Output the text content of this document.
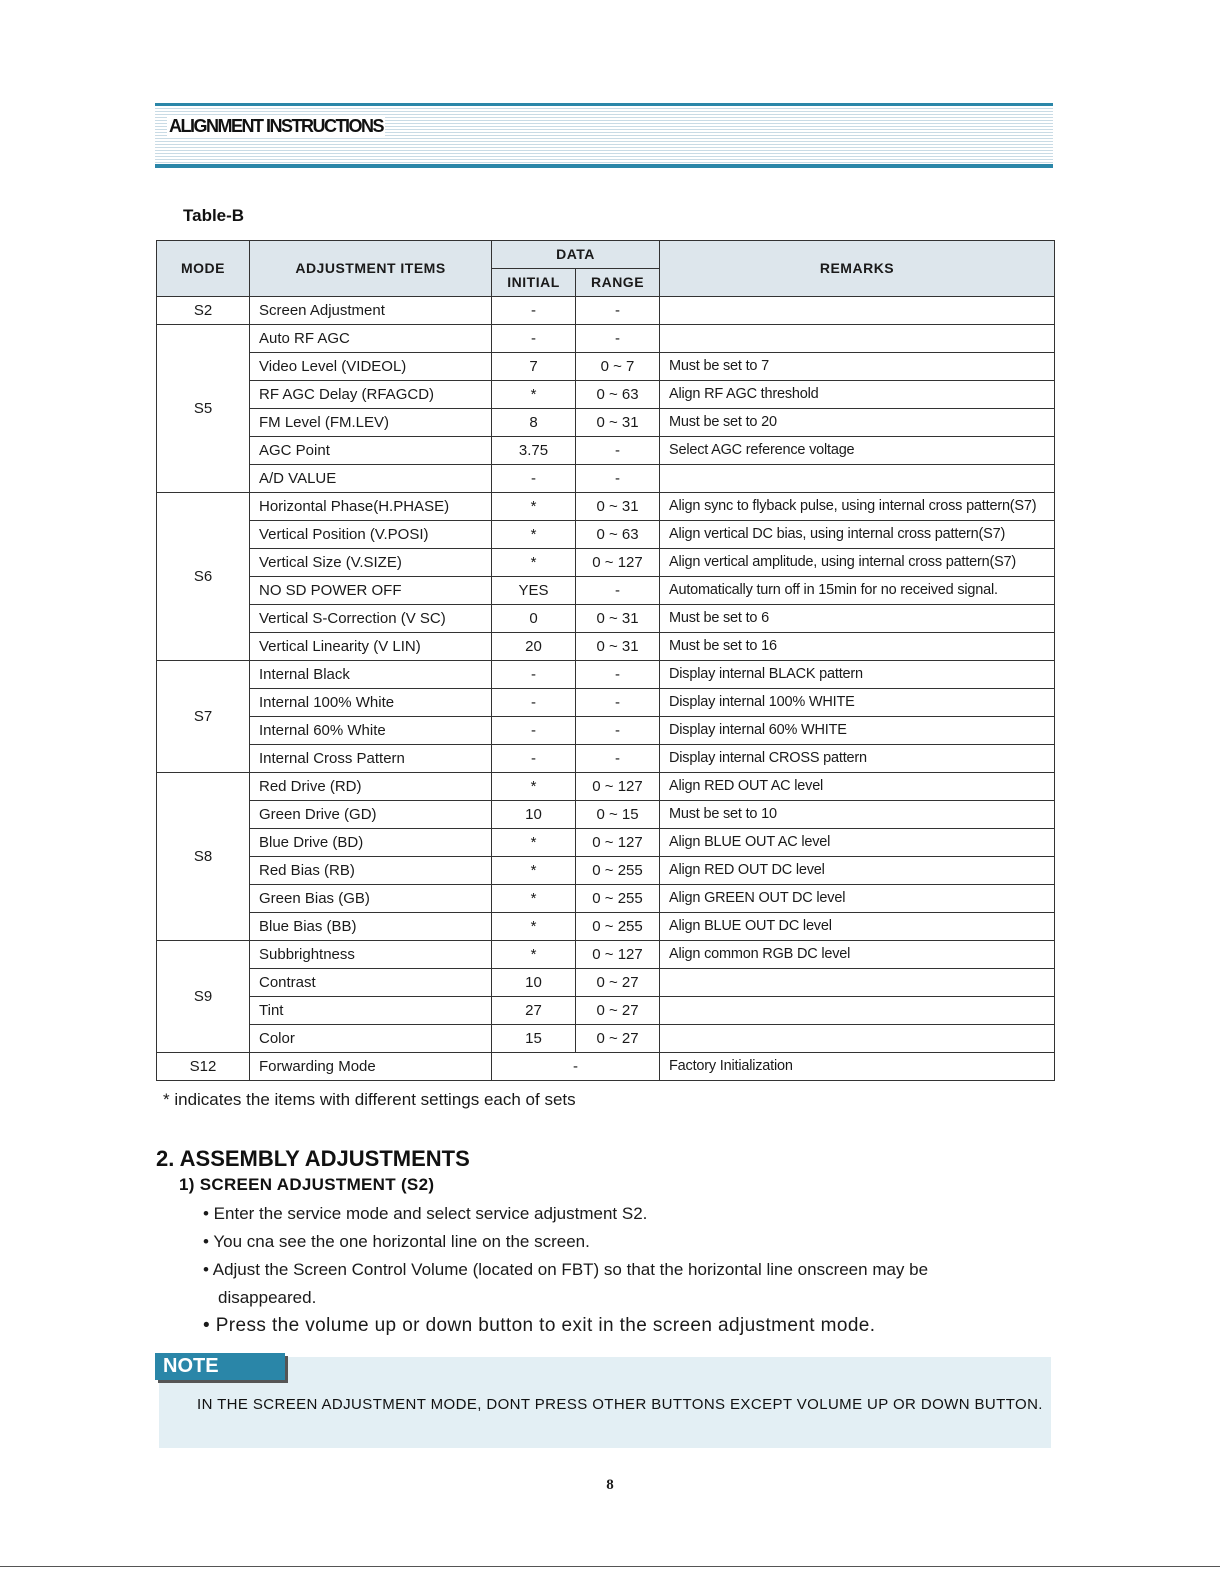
ALIGNMENT INSTRUCTIONS
Table-B
MODE	ADJUSTMENT ITEMS	DATA		REMARKS
		INITIAL	RANGE	
S2	Screen Adjustment	-	-	
S5	Auto RF AGC	-	-	
	Video Level (VIDEOL)	7	0 ~ 7	Must be set to 7
	RF AGC Delay (RFAGCD)	*	0 ~ 63	Align RF AGC threshold
	FM Level (FM.LEV)	8	0 ~ 31	Must be set to 20
	AGC Point	3.75	-	Select AGC reference voltage
	A/D VALUE	-	-	
S6	Horizontal Phase(H.PHASE)	*	0 ~ 31	Align sync to flyback pulse, using internal cross pattern(S7)
	Vertical Position (V.POSI)	*	0 ~ 63	Align vertical DC bias, using internal cross pattern(S7)
	Vertical Size (V.SIZE)	*	0 ~ 127	Align vertical amplitude, using internal cross pattern(S7)
	NO SD POWER OFF	YES	-	Automatically turn off in 15min for no received signal.
	Vertical S-Correction (V SC)	0	0 ~ 31	Must be set to 6
	Vertical Linearity (V LIN)	20	0 ~ 31	Must be set to 16
S7	Internal Black	-	-	Display internal BLACK pattern
	Internal 100% White	-	-	Display internal 100% WHITE
	Internal 60% White	-	-	Display internal 60% WHITE
	Internal Cross Pattern	-	-	Display internal CROSS pattern
S8	Red Drive (RD)	*	0 ~ 127	Align RED OUT AC level
	Green Drive (GD)	10	0 ~ 15	Must be set to 10
	Blue Drive (BD)	*	0 ~ 127	Align BLUE OUT AC level
	Red Bias (RB)	*	0 ~ 255	Align RED OUT DC level
	Green Bias (GB)	*	0 ~ 255	Align GREEN OUT DC level
	Blue Bias (BB)	*	0 ~ 255	Align BLUE OUT DC level
S9	Subbrightness	*	0 ~ 127	Align common RGB DC level
	Contrast	10	0 ~ 27	
	Tint	27	0 ~ 27	
	Color	15	0 ~ 27	
S12	Forwarding Mode	-		Factory Initialization
* indicates the items with different settings each of sets
2. ASSEMBLY ADJUSTMENTS
1) SCREEN ADJUSTMENT (S2)
• Enter the service mode and select service adjustment S2.
• You cna see the one horizontal line on the screen.
• Adjust the Screen Control Volume (located on FBT) so that the horizontal line onscreen may be
disappeared.
• Press the volume up or down button to exit in the screen adjustment mode.
NOTE
IN THE SCREEN ADJUSTMENT MODE, DONT PRESS OTHER BUTTONS EXCEPT VOLUME UP OR DOWN BUTTON.
8
